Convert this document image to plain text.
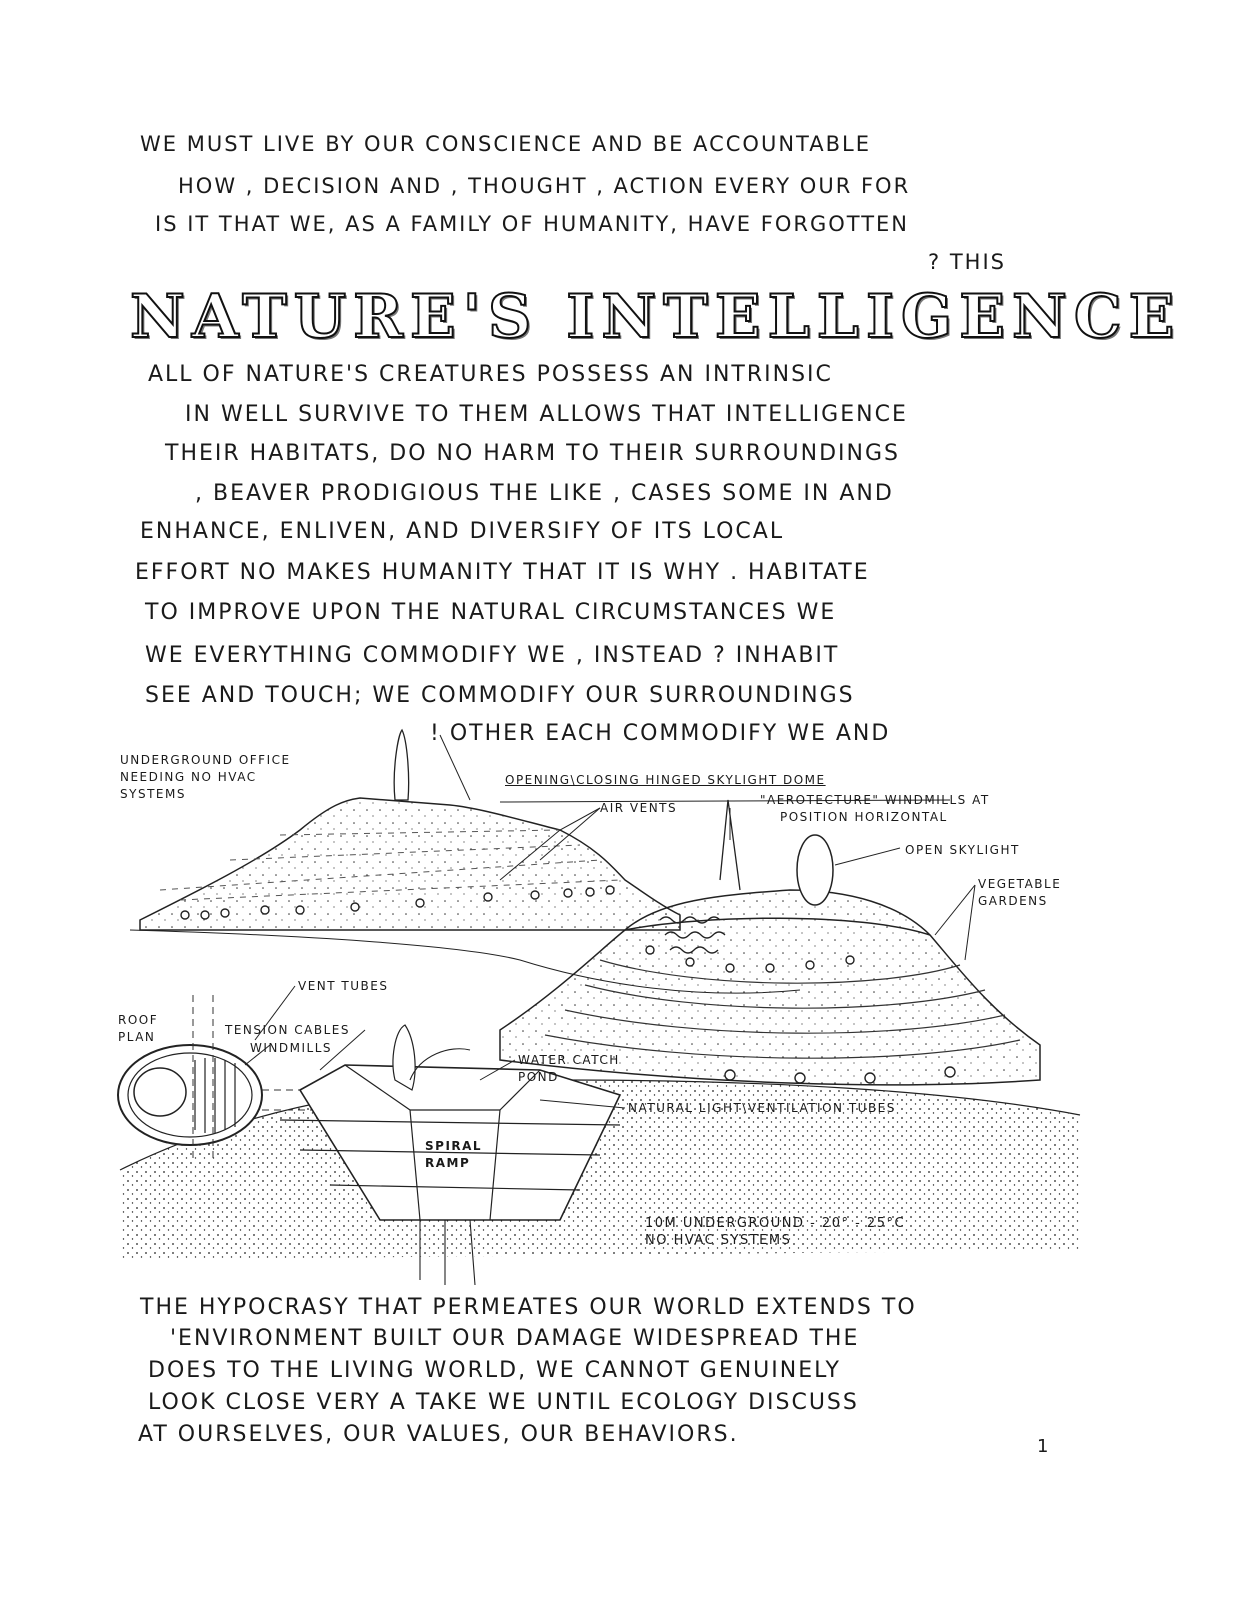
WE MUST LIVE BY OUR CONSCIENCE AND BE ACCOUNTABLE
HOW , DECISION AND , THOUGHT , ACTION EVERY OUR FOR
IS IT THAT WE, AS A FAMILY OF HUMANITY, HAVE FORGOTTEN
? THIS
NATURE'S INTELLIGENCE
ALL OF NATURE'S CREATURES POSSESS AN INTRINSIC
IN WELL SURVIVE TO THEM ALLOWS THAT INTELLIGENCE
THEIR HABITATS, DO NO HARM TO THEIR SURROUNDINGS
, BEAVER PRODIGIOUS THE LIKE , CASES SOME IN AND
ENHANCE, ENLIVEN, AND DIVERSIFY OF ITS LOCAL
EFFORT NO MAKES HUMANITY THAT IT IS WHY . HABITATE
TO IMPROVE UPON THE NATURAL CIRCUMSTANCES WE
WE EVERYTHING COMMODIFY WE , INSTEAD ? INHABIT
SEE AND TOUCH; WE COMMODIFY OUR SURROUNDINGS
! OTHER EACH COMMODIFY WE AND
UNDERGROUND OFFICE
NEEDING NO HVAC
SYSTEMS
OPENING\CLOSING HINGED SKYLIGHT DOME
AIR VENTS
"AEROTECTURE" WINDMILLS AT
POSITION HORIZONTAL
OPEN SKYLIGHT
VEGETABLE
GARDENS
VENT TUBES
ROOF
PLAN	TENSION CABLES
WINDMILLS
WATER CATCH
POND
NATURAL LIGHT\VENTILATION TUBES
SPIRAL
RAMP
10M UNDERGROUND - 20° - 25°C
NO HVAC SYSTEMS
THE HYPOCRASY THAT PERMEATES OUR WORLD EXTENDS TO
'ENVIRONMENT BUILT OUR DAMAGE WIDESPREAD THE
DOES TO THE LIVING WORLD, WE CANNOT GENUINELY
LOOK CLOSE VERY A TAKE WE UNTIL ECOLOGY DISCUSS
AT OURSELVES, OUR VALUES, OUR BEHAVIORS.	1
